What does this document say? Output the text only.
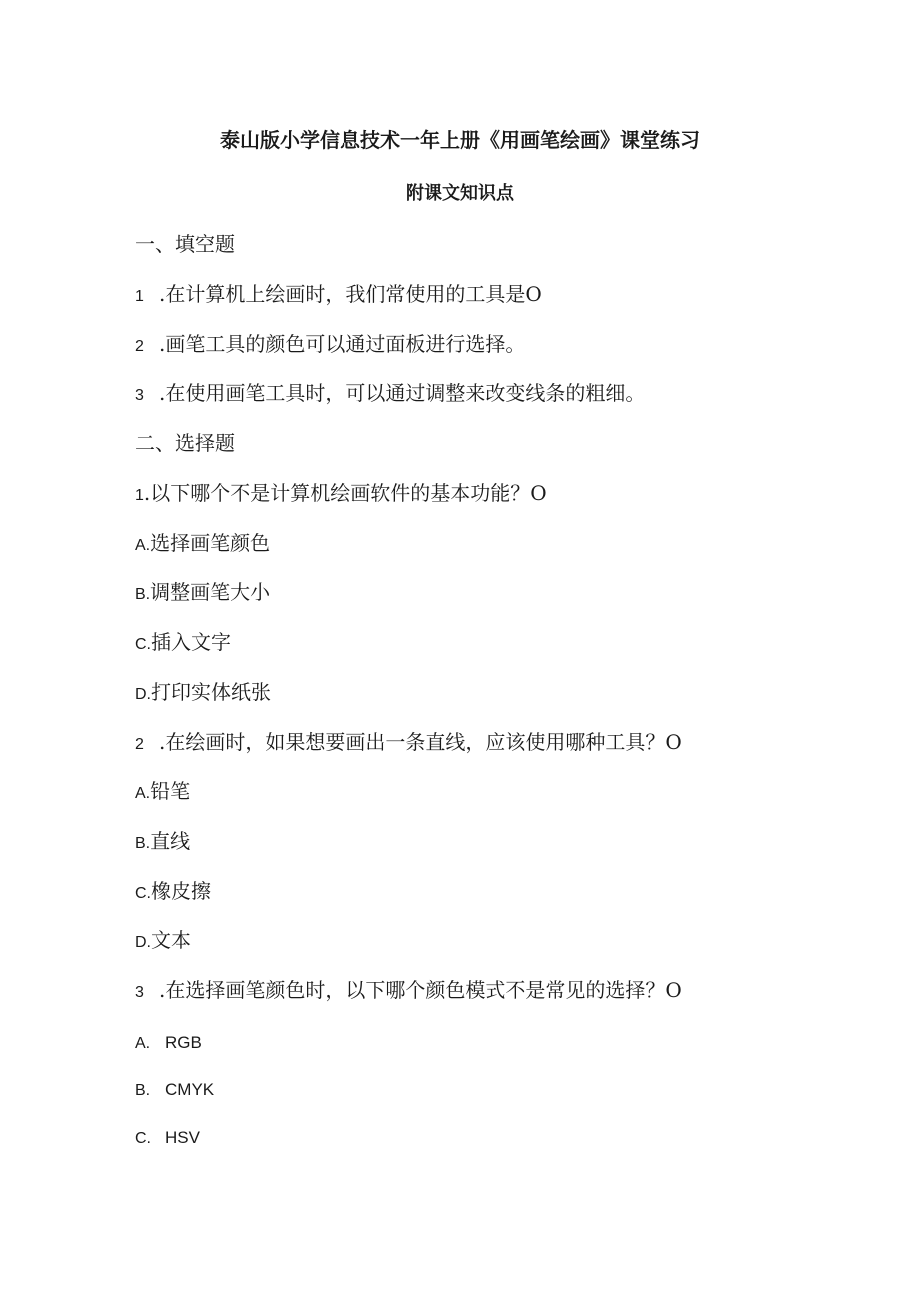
泰山版小学信息技术一年上册《用画笔绘画》课堂练习
附课文知识点
一、填空题
1 .在计算机上绘画时，我们常使用的工具是O
2 .画笔工具的颜色可以通过面板进行选择。
3 .在使用画笔工具时，可以通过调整来改变线条的粗细。
二、选择题
1.以下哪个不是计算机绘画软件的基本功能？O
A.选择画笔颜色
B.调整画笔大小
C.插入文字
D.打印实体纸张
2 .在绘画时，如果想要画出一条直线，应该使用哪种工具？O
A.铅笔
B.直线
C.橡皮擦
D.文本
3 .在选择画笔颜色时，以下哪个颜色模式不是常见的选择？O
A. RGB
B. CMYK
C. HSV
